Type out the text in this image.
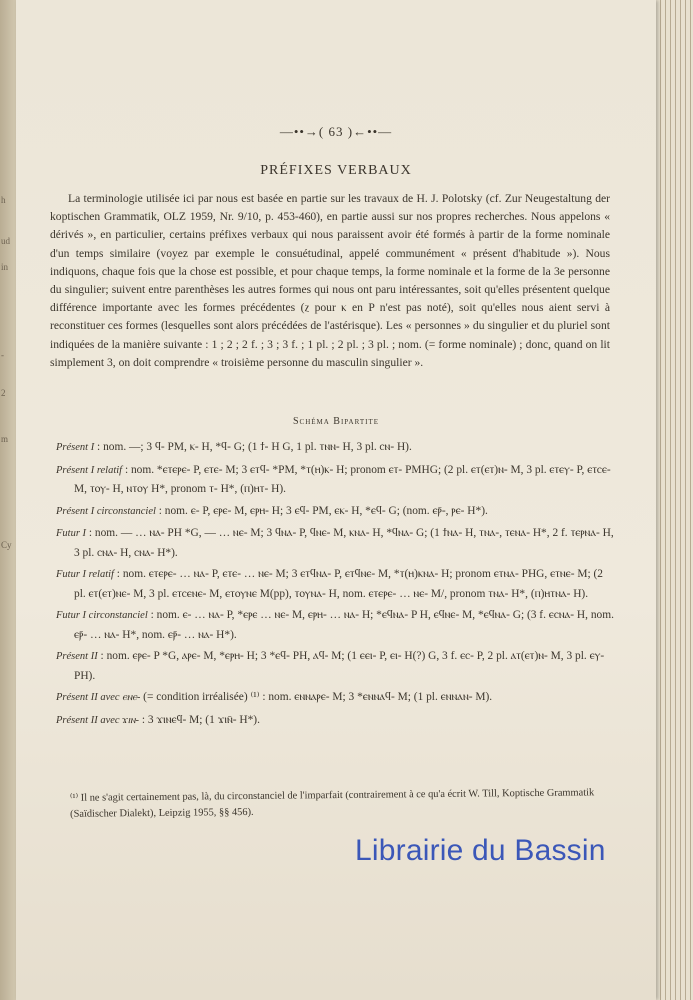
h
ud
in
-
2
m
Cy
—••→( 63 )←••—
PRÉFIXES VERBAUX

La terminologie utilisée ici par nous est basée en partie sur les travaux de H. J. Polotsky (cf. Zur Neugestaltung der koptischen Grammatik, OLZ 1959, Nr. 9/10, p. 453-460), en partie aussi sur nos propres recherches. Nous appelons « dérivés », en particulier, certains préfixes verbaux qui nous paraissent avoir été formés à partir de la forme nominale d'un temps similaire (voyez par exemple le consuétudinal, appelé communément « présent d'habitude »). Nous indiquons, chaque fois que la chose est possible, et pour chaque temps, la forme nominale et la forme de la 3e personne du singulier; suivent entre parenthèses les autres formes qui nous ont paru intéressantes, soit qu'elles présentent quelque différence importante avec les formes précédentes (ⲍ pour ⲕ en P n'est pas noté), soit qu'elles nous aient servi à reconstituer ces formes (lesquelles sont alors précédées de l'astérisque). Les « personnes » du singulier et du pluriel sont indiquées de la manière suivante : 1 ; 2 ; 2 f. ; 3 ; 3 f. ; 1 pl. ; 2 pl. ; 3 pl. ; nom. (= forme nominale) ; donc, quand on lit simplement 3, on doit comprendre « troisième personne du masculin singulier ».

Schéma Bipartite

Présent I : nom. —; 3 ϥ- PM, ⲕ- H, *ϥ- G; (1 ϯ- H G, 1 pl. ⲧⲛⲛ- H, 3 pl. ⲥⲛ- H).

Présent I relatif : nom. *ⲉⲧⲉⲣⲉ- P, ⲉⲧⲉ- M; 3 ⲉⲧϥ- *PM, *ⲧ(ⲏ)ⲕ- H; pronom ⲉⲧ- PMHG; (2 pl. ⲉⲧ(ⲉⲧ)ⲛ- M, 3 pl. ⲉⲧⲉⲩ- P, ⲉⲧⲥⲉ- M, ⲧⲟⲩ- H, ⲛⲧⲟⲩ H*, pronom ⲧ- H*, (ⲡ)ⲏⲧ- H).

Présent I circonstanciel : nom. ⲉ- P, ⲉⲣⲉ- M, ⲉⲣⲏ- H; 3 ⲉϥ- PM, ⲉⲕ- H, *ⲉϥ- G; (nom. ⲉⲣ̄-, ⲣⲉ- H*).

Futur I : nom. — … ⲛⲁ- PH *G, — … ⲛⲉ- M; 3 ϥⲛⲁ- P, ϥⲛⲉ- M, ⲕⲛⲁ- H, *ϥⲛⲁ- G; (1 ϯⲛⲁ- H, ⲧⲛⲁ-, ⲧⲉⲛⲁ- H*, 2 f. ⲧⲉⲣⲛⲁ- H, 3 pl. ⲥⲛⲁ- H, ⲥⲛⲁ- H*).

Futur I relatif : nom. ⲉⲧⲉⲣⲉ- … ⲛⲁ- P, ⲉⲧⲉ- … ⲛⲉ- M; 3 ⲉⲧϥⲛⲁ- P, ⲉⲧϥⲛⲉ- M, *ⲧ(ⲏ)ⲕⲛⲁ- H; pronom ⲉⲧⲛⲁ- PHG, ⲉⲧⲛⲉ- M; (2 pl. ⲉⲧ(ⲉⲧ)ⲛⲉ- M, 3 pl. ⲉⲧⲥⲉⲛⲉ- M, ⲉⲧⲟⲩⲛⲉ M(pp), ⲧⲟⲩⲛⲁ- H, nom. ⲉⲧⲉⲣⲉ- … ⲛⲉ- M/, pronom ⲧⲛⲁ- H*, (ⲡ)ⲏⲧⲛⲁ- H).

Futur I circonstanciel : nom. ⲉ- … ⲛⲁ- P, *ⲉⲣⲉ … ⲛⲉ- M, ⲉⲣⲏ- … ⲛⲁ- H; *ⲉϥⲛⲁ- P H, ⲉϥⲛⲉ- M, *ⲉϥⲛⲁ- G; (3 f. ⲉⲥⲛⲁ- H, nom. ⲉⲣ̄- … ⲛⲁ- H*, nom. ⲉⲣ̄- … ⲛⲁ- H*).

Présent II : nom. ⲉⲣⲉ- P *G, ⲁⲣⲉ- M, *ⲉⲣⲏ- H; 3 *ⲉϥ- PH, ⲁϥ- M; (1 ⲉⲉⲓ- P, ⲉⲓ- H(?) G, 3 f. ⲉⲥ- P, 2 pl. ⲁⲧ(ⲉⲧ)ⲛ- M, 3 pl. ⲉⲩ- PH).

Présent II avec ⲉⲛⲉ- (= condition irréalisée) ⁽¹⁾ : nom. ⲉⲛⲛⲁⲣⲉ- M; 3 *ⲉⲛⲛⲁϥ- M; (1 pl. ⲉⲛⲛⲁⲛ- M).

Présent II avec ϫⲓⲛ- : 3 ϫⲓⲛⲉϥ- M; (1 ϫⲓⲛ̄- H*).

⁽¹⁾ Il ne s'agit certainement pas, là, du circonstanciel de l'imparfait (contrairement à ce qu'a écrit W. Till, Koptische Grammatik (Saïdischer Dialekt), Leipzig 1955, §§ 456).
Librairie du Bassin
